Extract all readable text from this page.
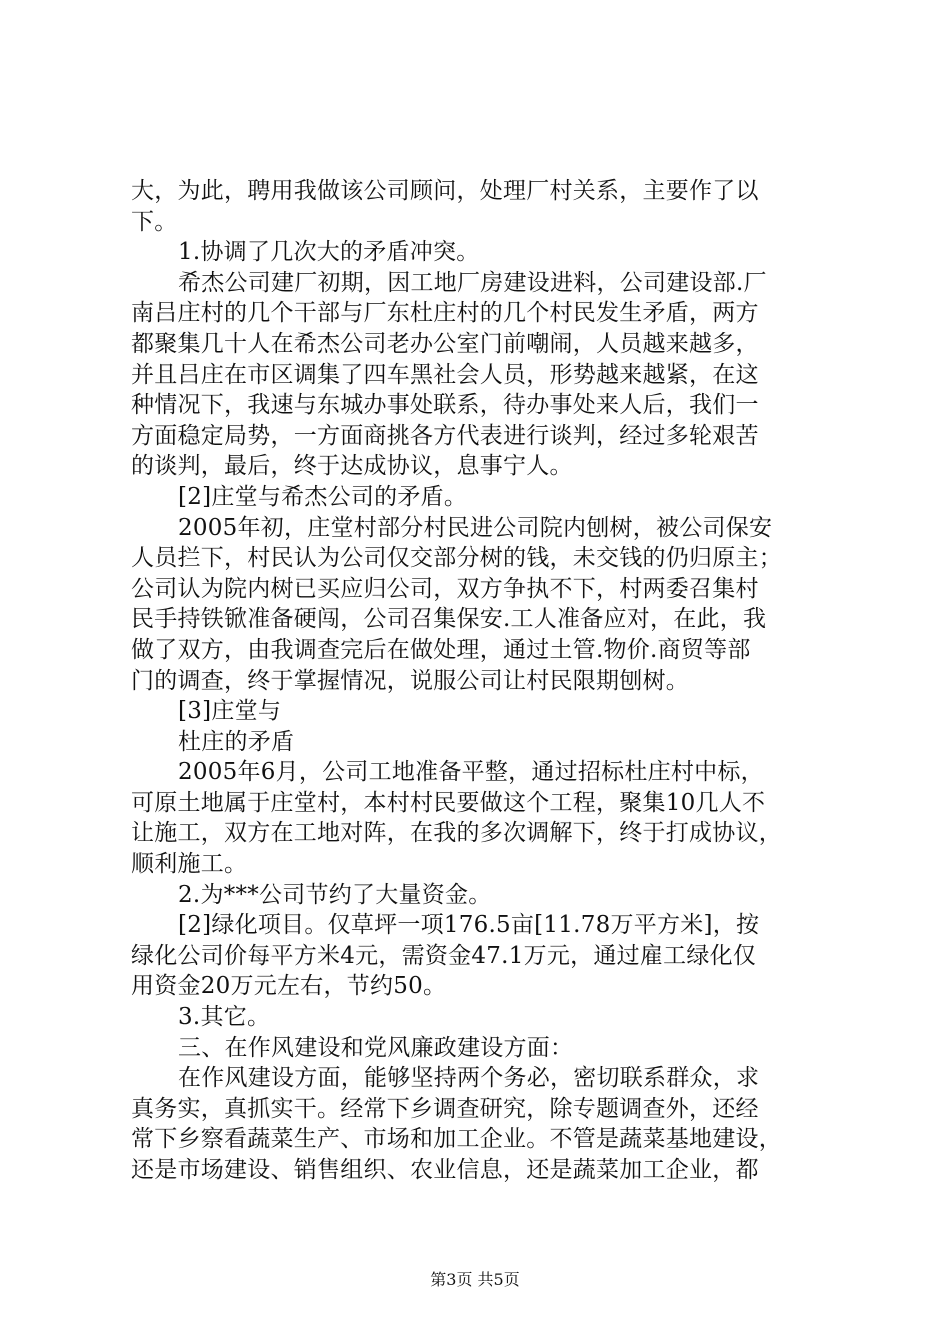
大，为此，聘用我做该公司顾问，处理厂村关系，主要作了以
下。
1.协调了几次大的矛盾冲突。
希杰公司建厂初期，因工地厂房建设进料，公司建设部.厂
南吕庄村的几个干部与厂东杜庄村的几个村民发生矛盾，两方
都聚集几十人在希杰公司老办公室门前嘲闹，人员越来越多，
并且吕庄在市区调集了四车黑社会人员，形势越来越紧，在这
种情况下，我速与东城办事处联系，待办事处来人后，我们一
方面稳定局势，一方面商挑各方代表进行谈判，经过多轮艰苦
的谈判，最后，终于达成协议，息事宁人。
[2]庄堂与希杰公司的矛盾。
2005年初，庄堂村部分村民进公司院内刨树，被公司保安
人员拦下，村民认为公司仅交部分树的钱，未交钱的仍归原主；
公司认为院内树已买应归公司，双方争执不下，村两委召集村
民手持铁锨准备硬闯，公司召集保安.工人准备应对，在此，我
做了双方，由我调查完后在做处理，通过土管.物价.商贸等部
门的调查，终于掌握情况，说服公司让村民限期刨树。
[3]庄堂与
杜庄的矛盾
2005年6月，公司工地准备平整，通过招标杜庄村中标，
可原土地属于庄堂村，本村村民要做这个工程，聚集10几人不
让施工，双方在工地对阵，在我的多次调解下，终于打成协议，
顺利施工。
2.为***公司节约了大量资金。
[2]绿化项目。仅草坪一项176.5亩[11.78万平方米]，按
绿化公司价每平方米4元，需资金47.1万元，通过雇工绿化仅
用资金20万元左右，节约50。
3.其它。
三、在作风建设和党风廉政建设方面：
在作风建设方面，能够坚持两个务必，密切联系群众，求
真务实，真抓实干。经常下乡调查研究，除专题调查外，还经
常下乡察看蔬菜生产、市场和加工企业。不管是蔬菜基地建设，
还是市场建设、销售组织、农业信息，还是蔬菜加工企业，都
第3页 共5页
